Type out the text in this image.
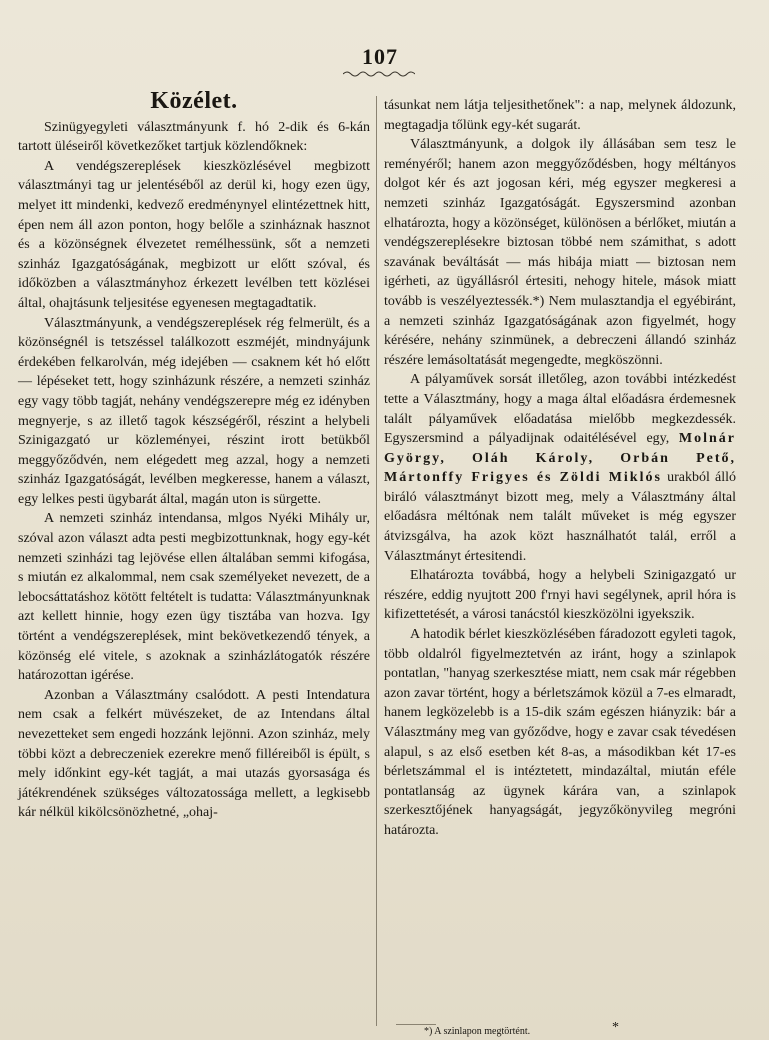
107
Közélet.

Szinügyegyleti választmányunk f. hó 2-dik és 6-kán tartott üléseiről következőket tartjuk közlendőknek:

A vendégszereplések kieszközlésével megbizott választmányi tag ur jelentéséből az derül ki, hogy ezen ügy, melyet itt mindenki, kedvező eredménynyel elintézettnek hitt, épen nem áll azon ponton, hogy belőle a szinháznak hasznot és a közönségnek élvezetet remélhessünk, sőt a nemzeti szinház Igazgatóságának, megbizott ur előtt szóval, és időközben a választmányhoz érkezett levélben tett közlései által, ohajtásunk teljesitése egyenesen megtagadtatik.

Választmányunk, a vendégszereplések rég felmerült, és a közönségnél is tetszéssel találkozott eszméjét, mindnyájunk érdekében felkarolván, még idejében — csaknem két hó előtt — lépéseket tett, hogy szinházunk részére, a nemzeti szinház egy vagy több tagját, nehány vendégszerepre még ez idényben megnyerje, s az illető tagok készségéről, részint a helybeli Szinigazgató ur közleményei, részint irott betükből meggyőződvén, nem elégedett meg azzal, hogy a nemzeti szinház Igazgatóságát, levélben megkeresse, hanem a választ, egy lelkes pesti ügybarát által, magán uton is sürgette.

A nemzeti szinház intendansa, mlgos Nyéki Mihály ur, szóval azon választ adta pesti megbizottunknak, hogy egy-két nemzeti szinházi tag lejövése ellen általában semmi kifogása, s miután ez alkalommal, nem csak személyeket nevezett, de a lebocsáttatáshoz kötött feltételt is tudatta: Választmányunknak azt kellett hinnie, hogy ezen ügy tisztába van hozva. Igy történt a vendégszereplések, mint bekövetkezendő tények, a közönség elé vitele, s azoknak a szinházlátogatók részére határozottan igérése.

Azonban a Választmány csalódott. A pesti Intendatura nem csak a felkért müvészeket, de az Intendans által nevezetteket sem engedi hozzánk lejönni. Azon szinház, mely többi közt a debreczeniek ezerekre menő filléreiből is épült, s mely időnkint egy-két tagját, a mai utazás gyorsasága és játékrendének szükséges változatossága mellett, a legkisebb kár nélkül kikölcsönözhetné, „ohaj-

tásunkat nem látja teljesithetőnek": a nap, melynek áldozunk, megtagadja tőlünk egy-két sugarát.

Választmányunk, a dolgok ily állásában sem tesz le reményéről; hanem azon meggyőződésben, hogy méltányos dolgot kér és azt jogosan kéri, még egyszer megkeresi a nemzeti szinház Igazgatóságát. Egyszersmind azonban elhatározta, hogy a közönséget, különösen a bérlőket, miután a vendégszereplésekre biztosan többé nem számithat, s adott szavának beváltását — más hibája miatt — biztosan nem igérheti, az ügyállásról értesiti, nehogy hitele, mások miatt tovább is veszélyeztessék.*) Nem mulasztandja el egyébiránt, a nemzeti szinház Igazgatóságának azon figyelmét, hogy kérésére, nehány szinmünek, a debreczeni állandó szinház részére lemásoltatását megengedte, megköszönni.

A pályaművek sorsát illetőleg, azon további intézkedést tette a Választmány, hogy a maga által előadásra érdemesnek talált pályaművek előadatása mielőbb megkezdessék. Egyszersmind a pályadijnak odaitélésével egy, Molnár György, Oláh Károly, Orbán Pető, Mártonffy Frigyes és Zöldi Miklós urakból álló biráló választmányt bizott meg, mely a Választmány által előadásra méltónak nem talált műveket is még egyszer átvizsgálva, ha azok közt használhatót talál, erről a Választmányt értesitendi.

Elhatározta továbbá, hogy a helybeli Szinigazgató ur részére, eddig nyujtott 200 f'rnyi havi segélynek, april hóra is kifizettetését, a városi tanácstól kieszközölni igyekszik.

A hatodik bérlet kieszközlésében fáradozott egyleti tagok, több oldalról figyelmeztetvén az iránt, hogy a szinlapok pontatlan, "hanyag szerkesztése miatt, nem csak már régebben azon zavar történt, hogy a bérletszámok közül a 7-es elmaradt, hanem legközelebb is a 15-dik szám egészen hiányzik: bár a Választmány meg van győződve, hogy e zavar csak tévedésen alapul, s az első esetben két 8-as, a másodikban két 17-es bérletszámmal el is intéztetett, mindazáltal, miután eféle pontatlanság az ügynek kárára van, a szinlapok szerkesztőjének hanyagságát, jegyzőkönyvileg megróni határozta.

*) A szinlapon megtörtént.	*
